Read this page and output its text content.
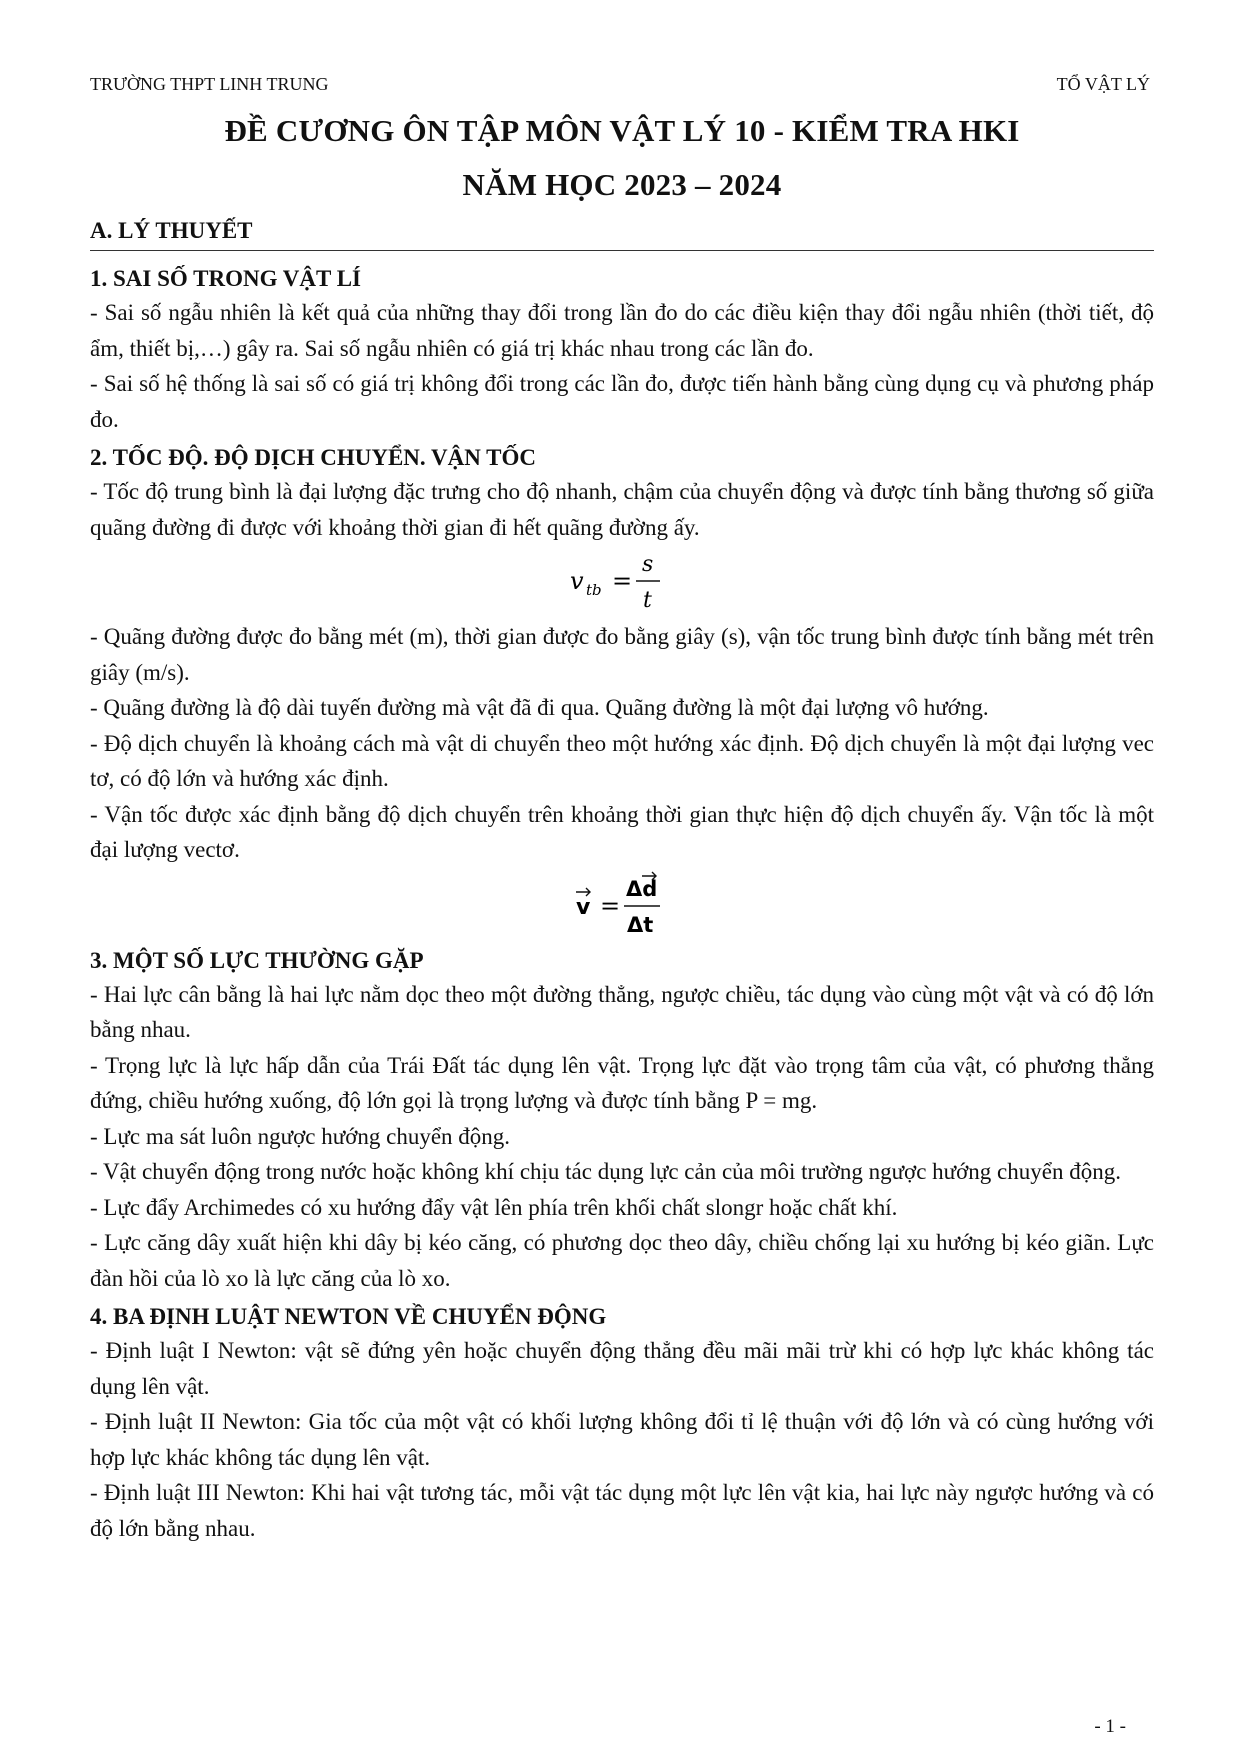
TRƯỜNG THPT LINH TRUNG	TỔ VẬT LÝ
ĐỀ CƯƠNG ÔN TẬP MÔN VẬT LÝ 10 - KIỂM TRA HKI
NĂM HỌC 2023 – 2024
A. LÝ THUYẾT
1. SAI SỐ TRONG VẬT LÍ

- Sai số ngẫu nhiên là kết quả của những thay đổi trong lần đo do các điều kiện thay đổi ngẫu nhiên (thời tiết, độ ẩm, thiết bị,…) gây ra. Sai số ngẫu nhiên có giá trị khác nhau trong các lần đo.

- Sai số hệ thống là sai số có giá trị không đổi trong các lần đo, được tiến hành bằng cùng dụng cụ và phương pháp đo.

2. TỐC ĐỘ. ĐỘ DỊCH CHUYỂN. VẬN TỐC

- Tốc độ trung bình là đại lượng đặc trưng cho độ nhanh, chậm của chuyển động và được tính bằng thương số giữa quãng đường đi được với khoảng thời gian đi hết quãng đường ấy.

v tb =
s
t

- Quãng đường được đo bằng mét (m), thời gian được đo bằng giây (s), vận tốc trung bình được tính bằng mét trên giây (m/s).

- Quãng đường là độ dài tuyến đường mà vật đã đi qua. Quãng đường là một đại lượng vô hướng.

- Độ dịch chuyển là khoảng cách mà vật di chuyển theo một hướng xác định. Độ dịch chuyển là một đại lượng vec tơ, có độ lớn và hướng xác định.

- Vận tốc được xác định bằng độ dịch chuyển trên khoảng thời gian thực hiện độ dịch chuyển ấy. Vận tốc là một đại lượng vectơ.

v =
Δd
Δt
3. MỘT SỐ LỰC THƯỜNG GẶP

- Hai lực cân bằng là hai lực nằm dọc theo một đường thẳng, ngược chiều, tác dụng vào cùng một vật và có độ lớn bằng nhau.

- Trọng lực là lực hấp dẫn của Trái Đất tác dụng lên vật. Trọng lực đặt vào trọng tâm của vật, có phương thẳng đứng, chiều hướng xuống, độ lớn gọi là trọng lượng và được tính bằng P = mg.

- Lực ma sát luôn ngược hướng chuyển động.

- Vật chuyển động trong nước hoặc không khí chịu tác dụng lực cản của môi trường ngược hướng chuyển động.

- Lực đẩy Archimedes có xu hướng đẩy vật lên phía trên khối chất slongr hoặc chất khí.

- Lực căng dây xuất hiện khi dây bị kéo căng, có phương dọc theo dây, chiều chống lại xu hướng bị kéo giãn. Lực đàn hồi của lò xo là lực căng của lò xo.

4. BA ĐỊNH LUẬT NEWTON VỀ CHUYỂN ĐỘNG

- Định luật I Newton: vật sẽ đứng yên hoặc chuyển động thẳng đều mãi mãi trừ khi có hợp lực khác không tác dụng lên vật.

- Định luật II Newton: Gia tốc của một vật có khối lượng không đổi tỉ lệ thuận với độ lớn và có cùng hướng với hợp lực khác không tác dụng lên vật.

- Định luật III Newton: Khi hai vật tương tác, mỗi vật tác dụng một lực lên vật kia, hai lực này ngược hướng và có độ lớn bằng nhau.

- 1 -
